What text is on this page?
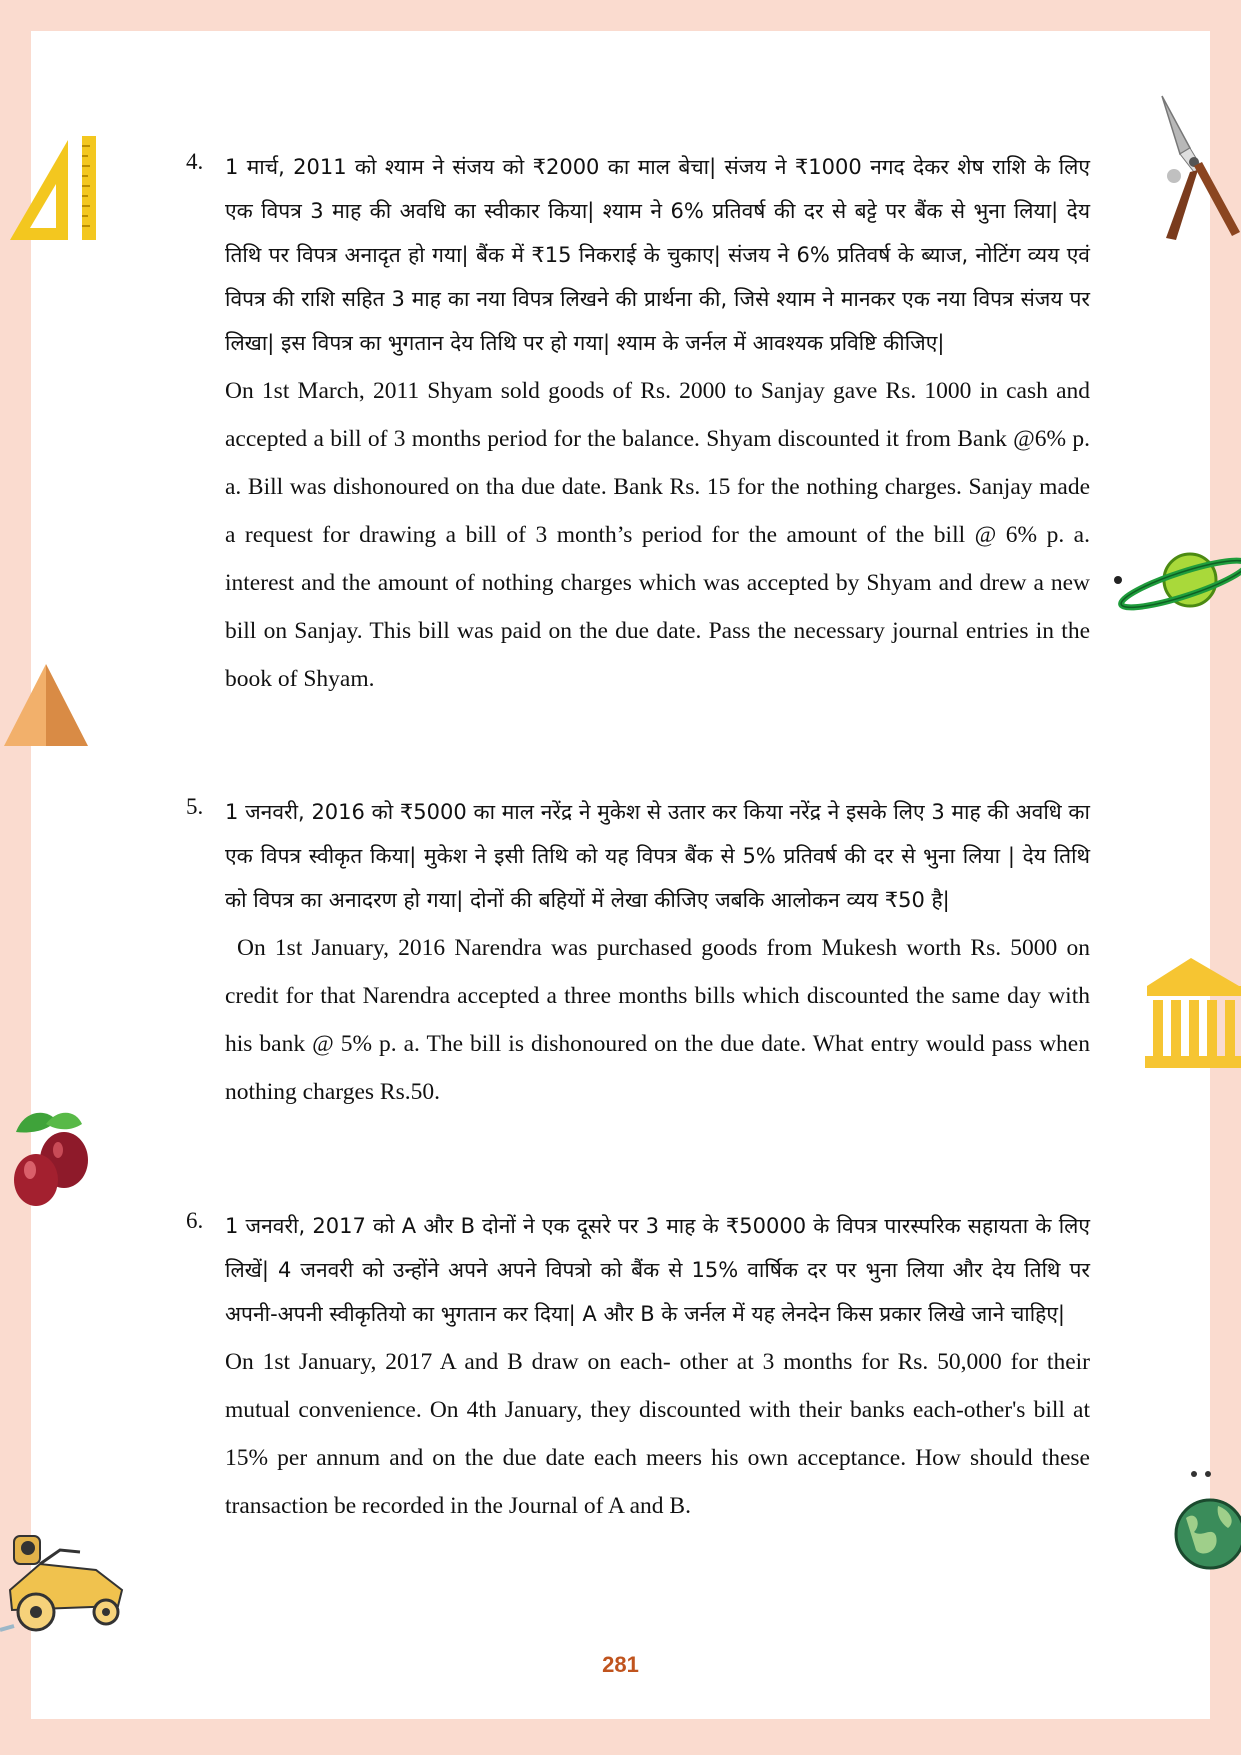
4. 1 मार्च, 2011 को श्याम ने संजय को ₹2000 का माल बेचा| संजय ने ₹1000 नगद देकर शेष राशि के लिए एक विपत्र 3 माह की अवधि का स्वीकार किया| श्याम ने 6% प्रतिवर्ष की दर से बट्टे पर बैंक से भुना लिया| देय तिथि पर विपत्र अनादृत हो गया| बैंक में ₹15 निकराई के चुकाए| संजय ने 6% प्रतिवर्ष के ब्याज, नोटिंग व्यय एवं विपत्र की राशि सहित 3 माह का नया विपत्र लिखने की प्रार्थना की, जिसे श्याम ने मानकर एक नया विपत्र संजय पर लिखा| इस विपत्र का भुगतान देय तिथि पर हो गया| श्याम के जर्नल में आवश्यक प्रविष्टि कीजिए|

On 1st March, 2011 Shyam sold goods of Rs. 2000 to Sanjay gave Rs. 1000 in cash and accepted a bill of 3 months period for the balance. Shyam discounted it from Bank @6% p. a. Bill was dishonoured on tha due date. Bank Rs. 15 for the nothing charges. Sanjay made a request for drawing a bill of 3 month’s period for the amount of the bill @ 6% p. a. interest and the amount of nothing charges which was accepted by Shyam and drew a new bill on Sanjay. This bill was paid on the due date. Pass the necessary journal entries in the book of Shyam.

5. 1 जनवरी, 2016 को ₹5000 का माल नरेंद्र ने मुकेश से उतार कर किया नरेंद्र ने इसके लिए 3 माह की अवधि का एक विपत्र स्वीकृत किया| मुकेश ने इसी तिथि को यह विपत्र बैंक से 5% प्रतिवर्ष की दर से भुना लिया | देय तिथि को विपत्र का अनादरण हो गया| दोनों की बहियों में लेखा कीजिए जबकि आलोकन व्यय ₹50 है|

On 1st January, 2016 Narendra was purchased goods from Mukesh worth Rs. 5000 on credit for that Narendra accepted a three months bills which discounted the same day with his bank @ 5% p. a. The bill is dishonoured on the due date. What entry would pass when nothing charges Rs.50.

6. 1 जनवरी, 2017 को A और B दोनों ने एक दूसरे पर 3 माह के ₹50000 के विपत्र पारस्परिक सहायता के लिए लिखें| 4 जनवरी को उन्होंने अपने अपने विपत्रो को बैंक से 15% वार्षिक दर पर भुना लिया और देय तिथि पर अपनी-अपनी स्वीकृतियो का भुगतान कर दिया| A और B के जर्नल में यह लेनदेन किस प्रकार लिखे जाने चाहिए|

On 1st January, 2017 A and B draw on each- other at 3 months for Rs. 50,000 for their mutual convenience. On 4th January, they discounted with their banks each-other's bill at 15% per annum and on the due date each meers his own acceptance. How should these transaction be recorded in the Journal of A and B.

281
